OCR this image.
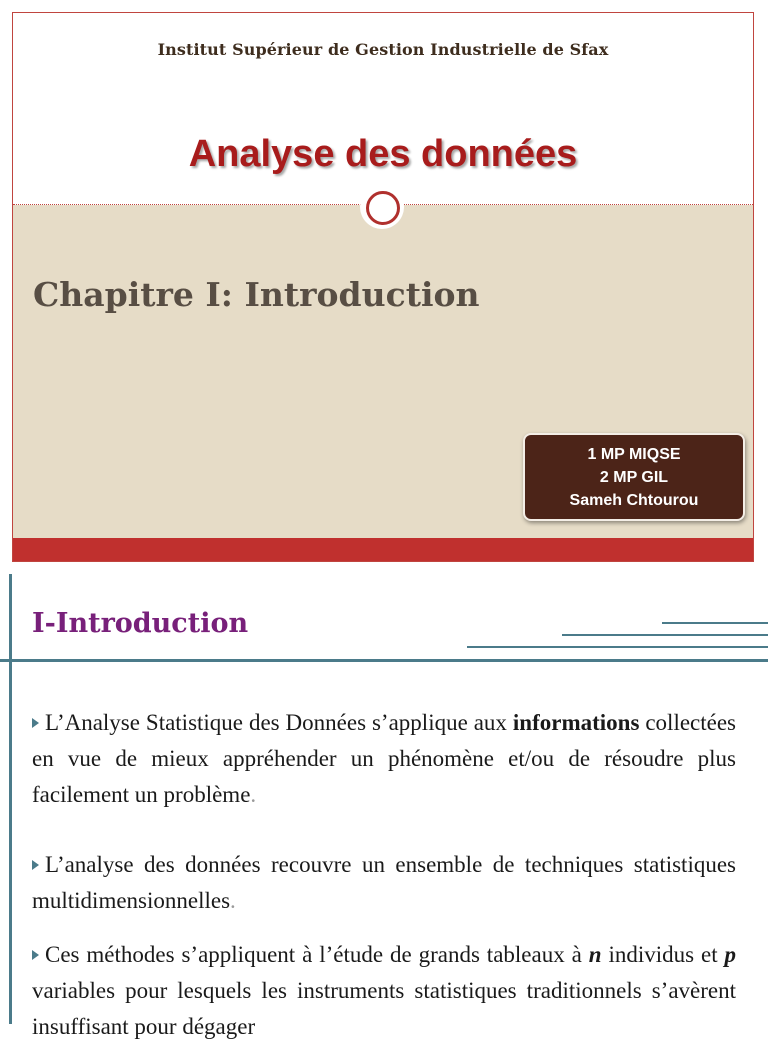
Institut Supérieur de Gestion Industrielle de Sfax
Analyse des données
Chapitre I: Introduction
1 MP MIQSE
2 MP GIL
Sameh Chtourou
I-Introduction
L’Analyse Statistique des Données s’applique aux informations collectées en vue de mieux appréhender un phénomène et/ou de résoudre plus facilement un problème.
L’analyse des données recouvre un ensemble de techniques statistiques multidimensionnelles.
Ces méthodes s’appliquent à l’étude de grands tableaux à n individus et p variables pour lesquels les instruments statistiques traditionnels s’avèrent insuffisant pour dégager
